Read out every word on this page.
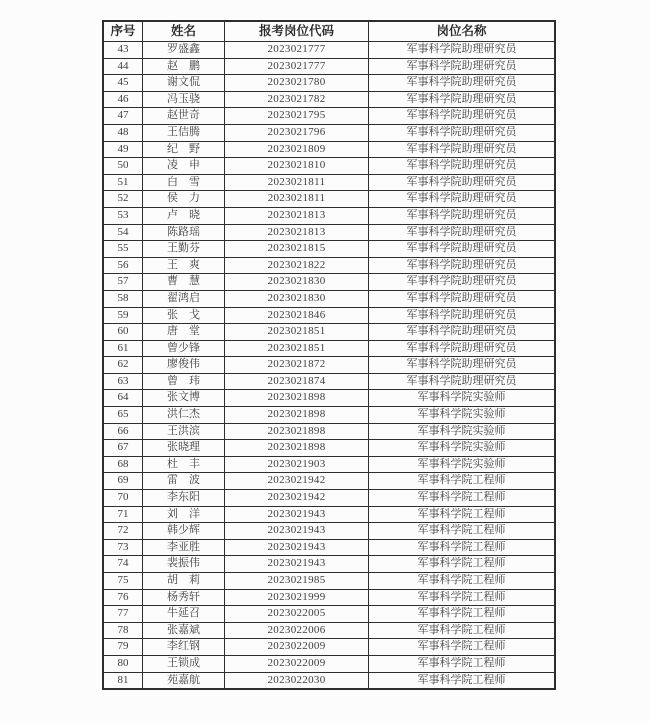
序号	姓名	报考岗位代码	岗位名称
43	罗盛鑫	2023021777	军事科学院助理研究员
44	赵　鹏	2023021777	军事科学院助理研究员
45	谢文侃	2023021780	军事科学院助理研究员
46	冯玉骁	2023021782	军事科学院助理研究员
47	赵世奇	2023021795	军事科学院助理研究员
48	王佶腾	2023021796	军事科学院助理研究员
49	纪　野	2023021809	军事科学院助理研究员
50	凌　申	2023021810	军事科学院助理研究员
51	白　雪	2023021811	军事科学院助理研究员
52	侯　力	2023021811	军事科学院助理研究员
53	卢　晓	2023021813	军事科学院助理研究员
54	陈路瑶	2023021813	军事科学院助理研究员
55	王勤芬	2023021815	军事科学院助理研究员
56	王　爽	2023021822	军事科学院助理研究员
57	曹　慧	2023021830	军事科学院助理研究员
58	翟鸿启	2023021830	军事科学院助理研究员
59	张　戈	2023021846	军事科学院助理研究员
60	唐　堂	2023021851	军事科学院助理研究员
61	曾少锋	2023021851	军事科学院助理研究员
62	廖俊伟	2023021872	军事科学院助理研究员
63	曾　玮	2023021874	军事科学院助理研究员
64	张文博	2023021898	军事科学院实验师
65	洪仁杰	2023021898	军事科学院实验师
66	王洪滨	2023021898	军事科学院实验师
67	张晓理	2023021898	军事科学院实验师
68	杜　丰	2023021903	军事科学院实验师
69	雷　波	2023021942	军事科学院工程师
70	李东阳	2023021942	军事科学院工程师
71	刘　洋	2023021943	军事科学院工程师
72	韩少辉	2023021943	军事科学院工程师
73	李亚胜	2023021943	军事科学院工程师
74	裴振伟	2023021943	军事科学院工程师
75	胡　莉	2023021985	军事科学院工程师
76	杨秀轩	2023021999	军事科学院工程师
77	牛延召	2023022005	军事科学院工程师
78	张嘉斌	2023022006	军事科学院工程师
79	李红钢	2023022009	军事科学院工程师
80	王锁成	2023022009	军事科学院工程师
81	苑嘉航	2023022030	军事科学院工程师
